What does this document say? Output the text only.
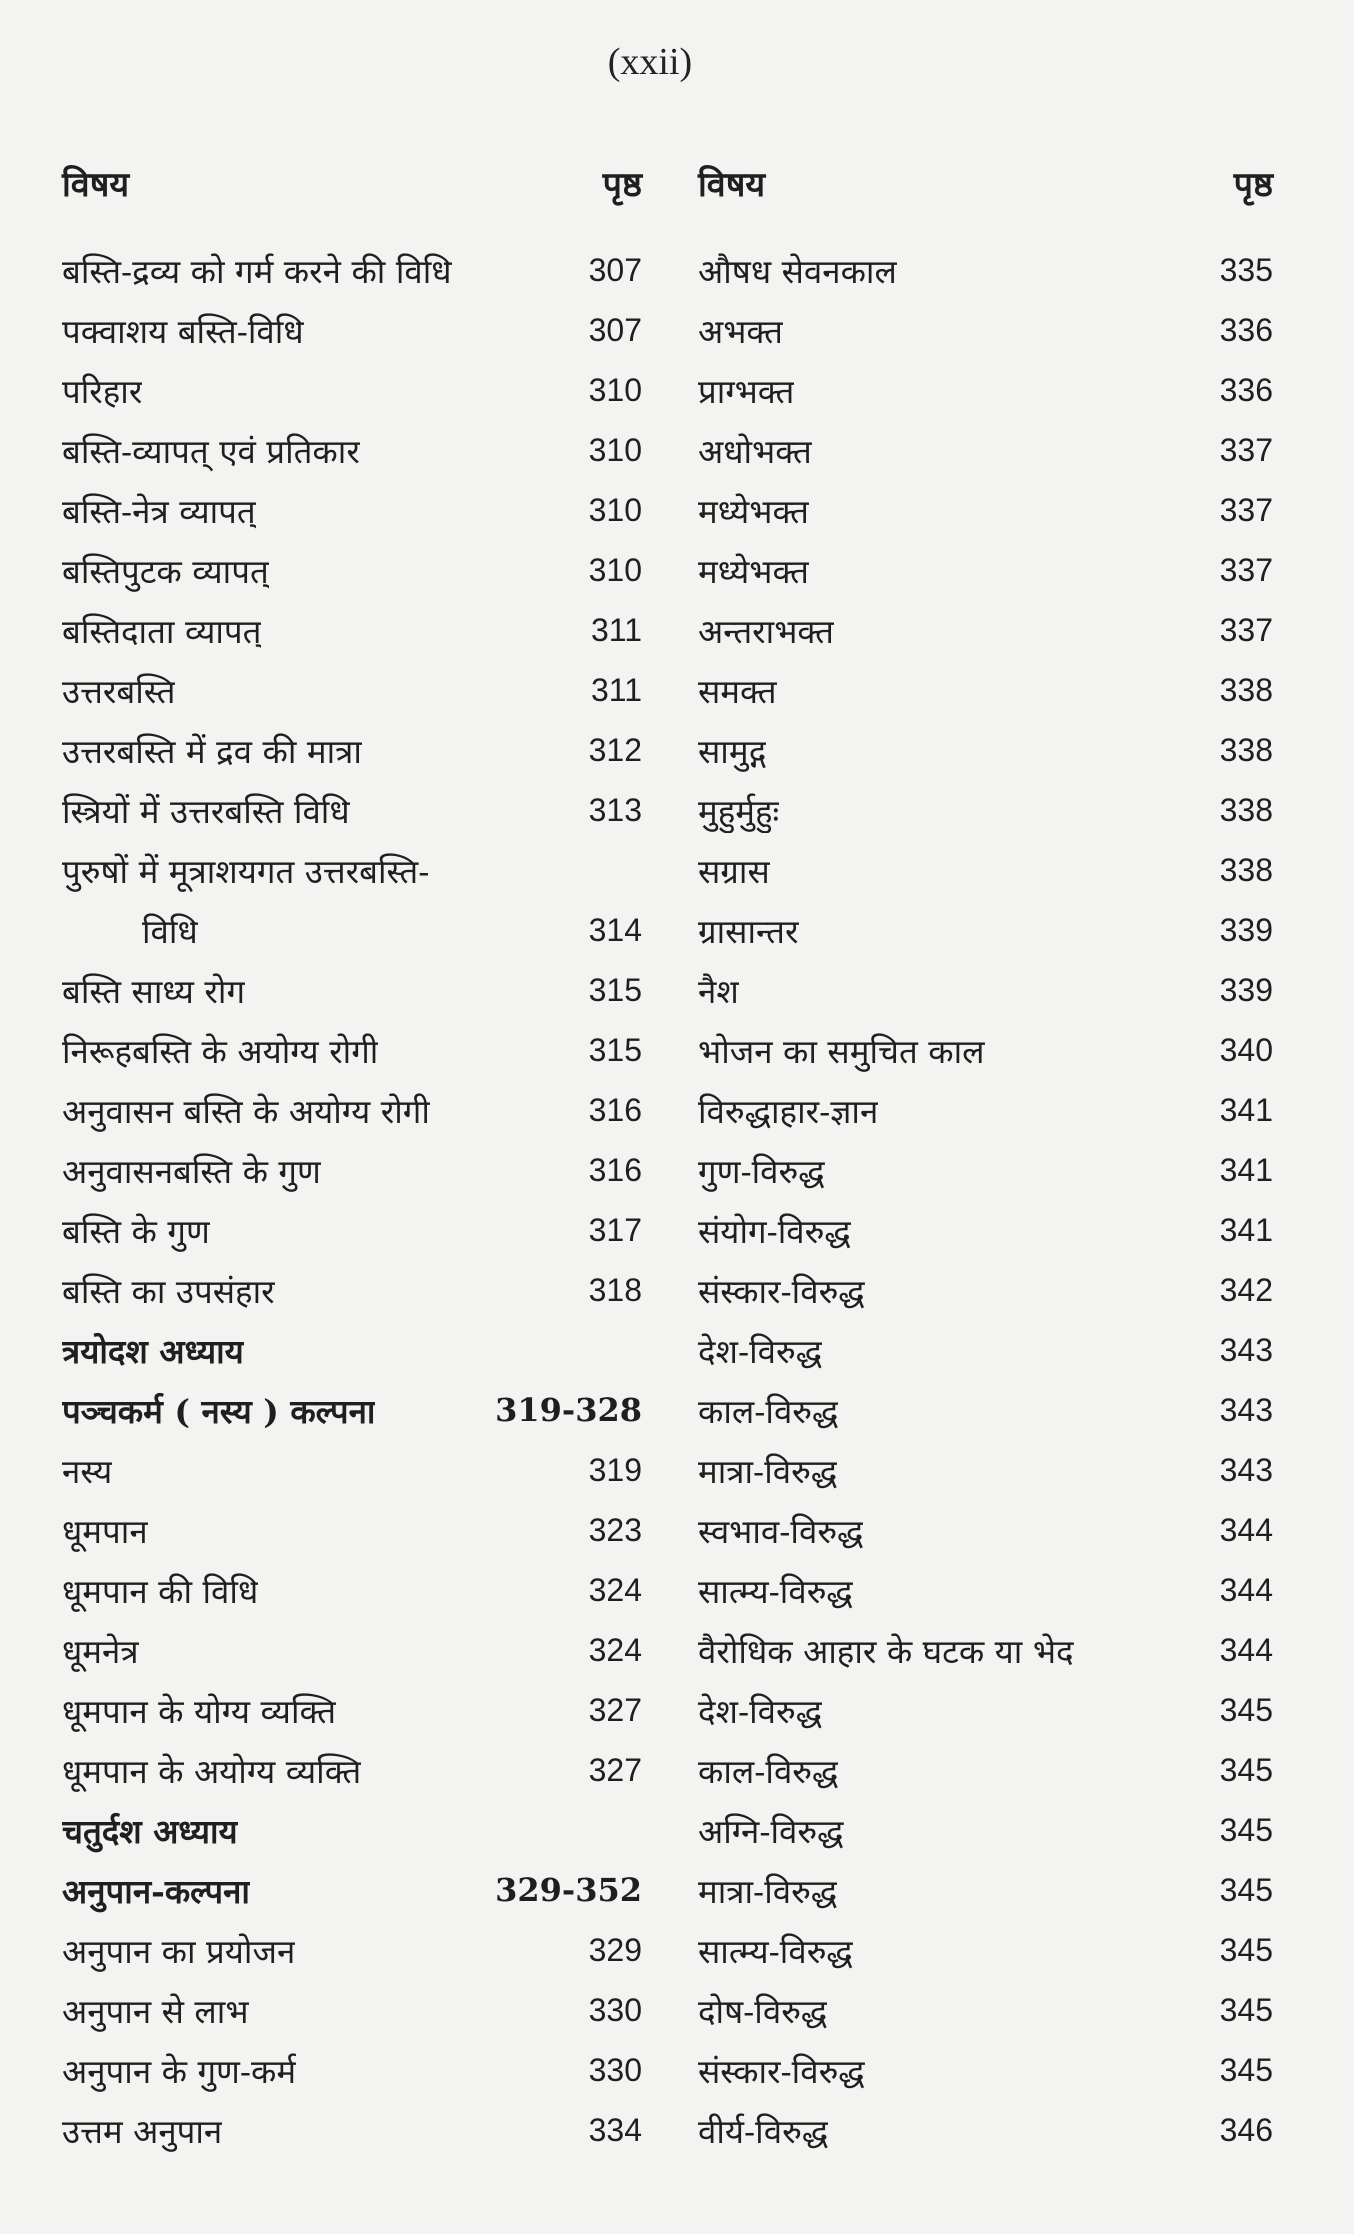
(xxii)
विषय	पृष्ठ
बस्ति-द्रव्य को गर्म करने की विधि	307
पक्वाशय बस्ति-विधि	307
परिहार	310
बस्ति-व्यापत् एवं प्रतिकार	310
बस्ति-नेत्र व्यापत्	310
बस्तिपुटक व्यापत्	310
बस्तिदाता व्यापत्	311
उत्तरबस्ति	311
उत्तरबस्ति में द्रव की मात्रा	312
स्त्रियों में उत्तरबस्ति विधि	313
पुरुषों में मूत्राशयगत उत्तरबस्ति-
विधि	314
बस्ति साध्य रोग	315
निरूहबस्ति के अयोग्य रोगी	315
अनुवासन बस्ति के अयोग्य रोगी	316
अनुवासनबस्ति के गुण	316
बस्ति के गुण	317
बस्ति का उपसंहार	318
त्रयोदश अध्याय
पञ्चकर्म ( नस्य ) कल्पना	319-328
नस्य	319
धूमपान	323
धूमपान की विधि	324
धूमनेत्र	324
धूमपान के योग्य व्यक्ति	327
धूमपान के अयोग्य व्यक्ति	327
चतुर्दश अध्याय
अनुपान-कल्पना	329-352
अनुपान का प्रयोजन	329
अनुपान से लाभ	330
अनुपान के गुण-कर्म	330
उत्तम अनुपान	334
विषय	पृष्ठ
औषध सेवनकाल	335
अभक्त	336
प्राग्भक्त	336
अधोभक्त	337
मध्येभक्त	337
मध्येभक्त	337
अन्तराभक्त	337
समक्त	338
सामुद्ग	338
मुहुर्मुहुः	338
सग्रास	338
ग्रासान्तर	339
नैश	339
भोजन का समुचित काल	340
विरुद्धाहार-ज्ञान	341
गुण-विरुद्ध	341
संयोग-विरुद्ध	341
संस्कार-विरुद्ध	342
देश-विरुद्ध	343
काल-विरुद्ध	343
मात्रा-विरुद्ध	343
स्वभाव-विरुद्ध	344
सात्म्य-विरुद्ध	344
वैरोधिक आहार के घटक या भेद	344
देश-विरुद्ध	345
काल-विरुद्ध	345
अग्नि-विरुद्ध	345
मात्रा-विरुद्ध	345
सात्म्य-विरुद्ध	345
दोष-विरुद्ध	345
संस्कार-विरुद्ध	345
वीर्य-विरुद्ध	346
